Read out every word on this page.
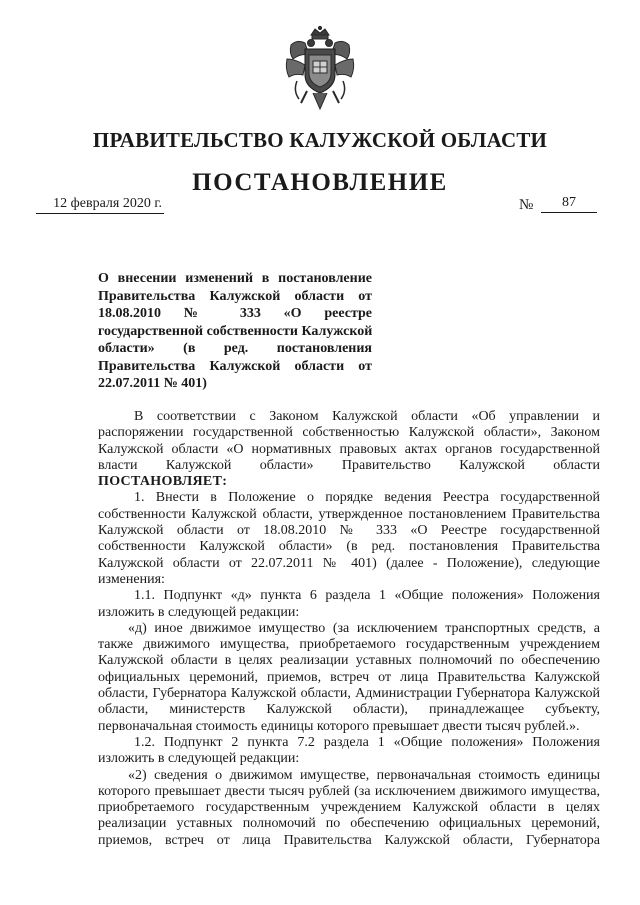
ПРАВИТЕЛЬСТВО КАЛУЖСКОЙ ОБЛАСТИ
ПОСТАНОВЛЕНИЕ
12 февраля 2020 г.	№	87
О внесении изменений в постановление
Правительства Калужской области от
18.08.2010 № 333 «О реестре
государственной собственности Калужской
области» (в ред. постановления
Правительства Калужской области от
22.07.2011 № 401)
В соответствии с Законом Калужской области «Об управлении и
распоряжении государственной собственностью Калужской области», Законом
Калужской области «О нормативных правовых актах органов государственной
власти Калужской области» Правительство Калужской области
ПОСТАНОВЛЯЕТ:
1. Внести в Положение о порядке ведения Реестра государственной
собственности Калужской области, утвержденное постановлением Правительства
Калужской области от 18.08.2010 № 333 «О Реестре государственной
собственности Калужской области» (в ред. постановления Правительства
Калужской области от 22.07.2011 № 401) (далее - Положение), следующие
изменения:
1.1. Подпункт «д» пункта 6 раздела 1 «Общие положения» Положения
изложить в следующей редакции:
«д) иное движимое имущество (за исключением транспортных средств, а
также движимого имущества, приобретаемого государственным учреждением
Калужской области в целях реализации уставных полномочий по обеспечению
официальных церемоний, приемов, встреч от лица Правительства Калужской
области, Губернатора Калужской области, Администрации Губернатора Калужской
области, министерств Калужской области), принадлежащее субъекту,
первоначальная стоимость единицы которого превышает двести тысяч рублей.».
1.2. Подпункт 2 пункта 7.2 раздела 1 «Общие положения» Положения
изложить в следующей редакции:
«2) сведения о движимом имуществе, первоначальная стоимость единицы
которого превышает двести тысяч рублей (за исключением движимого имущества,
приобретаемого государственным учреждением Калужской области в целях
реализации уставных полномочий по обеспечению официальных церемоний,
приемов, встреч от лица Правительства Калужской области, Губернатора
